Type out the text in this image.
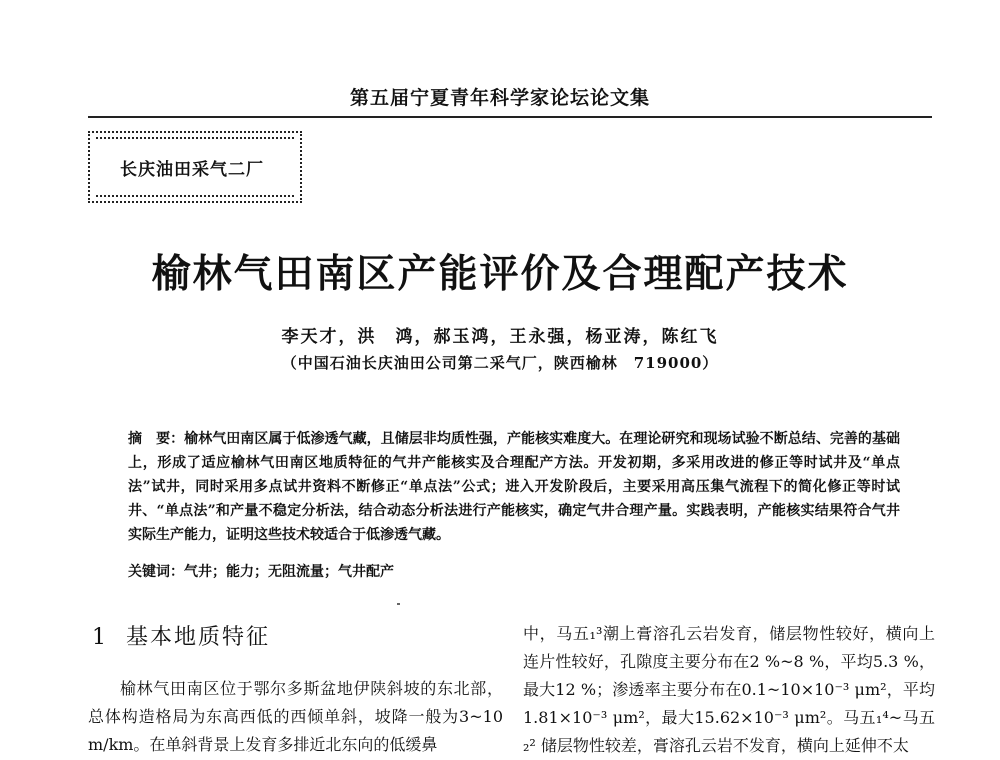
第五届宁夏青年科学家论坛论文集
长庆油田采气二厂
榆林气田南区产能评价及合理配产技术
李天才，洪　鸿，郝玉鸿，王永强，杨亚涛，陈红飞
（中国石油长庆油田公司第二采气厂，陕西榆林　719000）
摘　要：榆林气田南区属于低渗透气藏，且储层非均质性强，产能核实难度大。在理论研究和现场试验不断总结、完善的基础上，形成了适应榆林气田南区地质特征的气井产能核实及合理配产方法。开发初期，多采用改进的修正等时试井及“单点法”试井，同时采用多点试井资料不断修正“单点法”公式；进入开发阶段后，主要采用高压集气流程下的简化修正等时试井、“单点法”和产量不稳定分析法，结合动态分析法进行产能核实，确定气井合理产量。实践表明，产能核实结果符合气井实际生产能力，证明这些技术较适合于低渗透气藏。
关键词：气井；能力；无阻流量；气井配产
1 基本地质特征

榆林气田南区位于鄂尔多斯盆地伊陕斜坡的东北部，总体构造格局为东高西低的西倾单斜，坡降一般为3~10 m/km。在单斜背景上发育多排近北东向的低缓鼻

中，马五₁³潮上膏溶孔云岩发育，储层物性较好，横向上连片性较好，孔隙度主要分布在2 %~8 %，平均5.3 %，最大12 %；渗透率主要分布在0.1~10×10⁻³ μm²，平均1.81×10⁻³ μm²，最大15.62×10⁻³ μm²。马五₁⁴~马五₂² 储层物性较差，膏溶孔云岩不发育，横向上延伸不太
